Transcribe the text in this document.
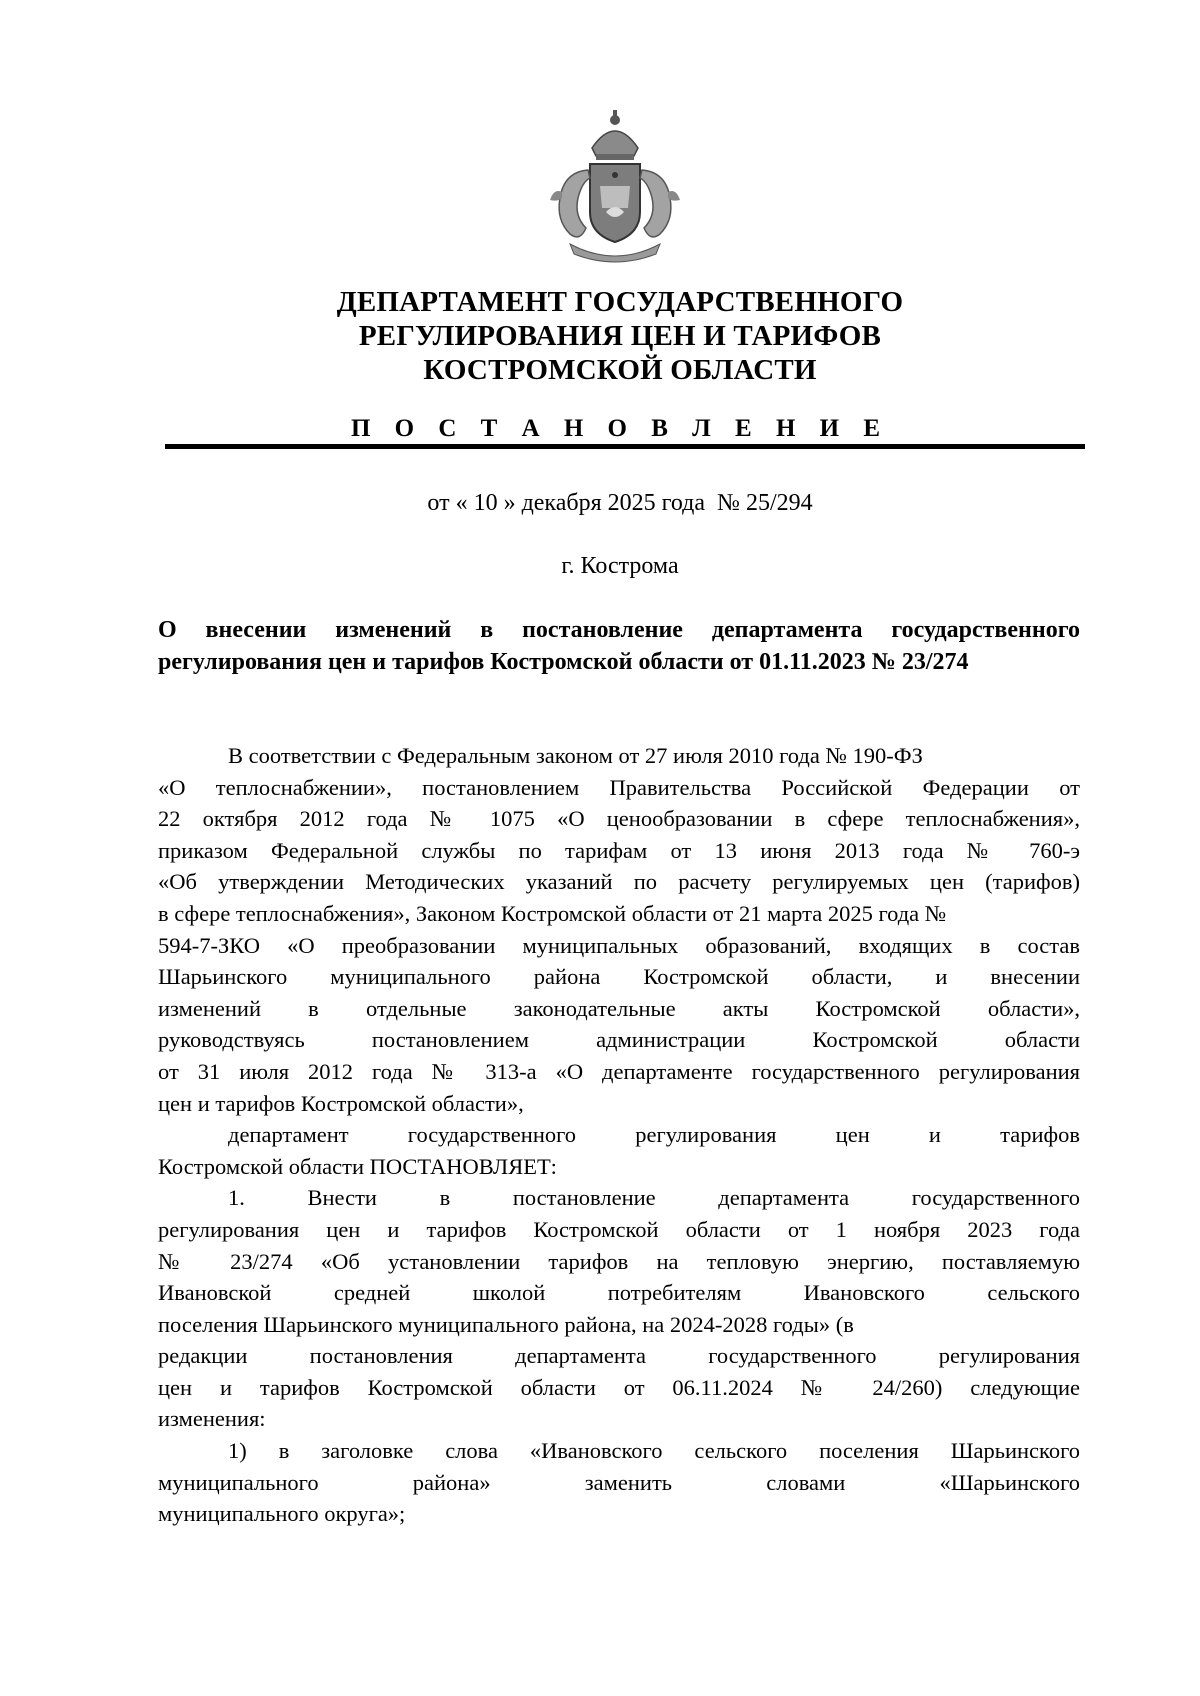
ДЕПАРТАМЕНТ ГОСУДАРСТВЕННОГО
РЕГУЛИРОВАНИЯ ЦЕН И ТАРИФОВ
КОСТРОМСКОЙ ОБЛАСТИ
П О С Т А Н О В Л Е Н И Е
от « 10 » декабря 2025 года  № 25/294
г. Кострома
О внесении изменений в постановление департамента государственного
регулирования цен и тарифов Костромской области от 01.11.2023 № 23/274
В соответствии с Федеральным законом от 27 июля 2010 года № 190-ФЗ
«О теплоснабжении», постановлением Правительства Российской Федерации от
22 октября 2012 года № 1075 «О ценообразовании в сфере теплоснабжения»,
приказом Федеральной службы по тарифам от 13 июня 2013 года № 760-э
«Об утверждении Методических указаний по расчету регулируемых цен (тарифов)
в сфере теплоснабжения», Законом Костромской области от 21 марта 2025 года №
594-7-ЗКО «О преобразовании муниципальных образований, входящих в состав
Шарьинского муниципального района Костромской области, и внесении
изменений в отдельные законодательные акты Костромской области»,
руководствуясь постановлением администрации Костромской области
от 31 июля 2012 года № 313-а «О департаменте государственного регулирования
цен и тарифов Костромской области»,
департамент государственного регулирования цен и тарифов
Костромской области ПОСТАНОВЛЯЕТ:
1. Внести в постановление департамента государственного
регулирования цен и тарифов Костромской области от 1 ноября 2023 года
№ 23/274 «Об установлении тарифов на тепловую энергию, поставляемую
Ивановской средней школой потребителям Ивановского сельского
поселения Шарьинского муниципального района, на 2024-2028 годы» (в
редакции постановления департамента государственного регулирования
цен и тарифов Костромской области от 06.11.2024 № 24/260) следующие
изменения:
1) в заголовке слова «Ивановского сельского поселения Шарьинского
муниципального района» заменить словами «Шарьинского
муниципального округа»;
